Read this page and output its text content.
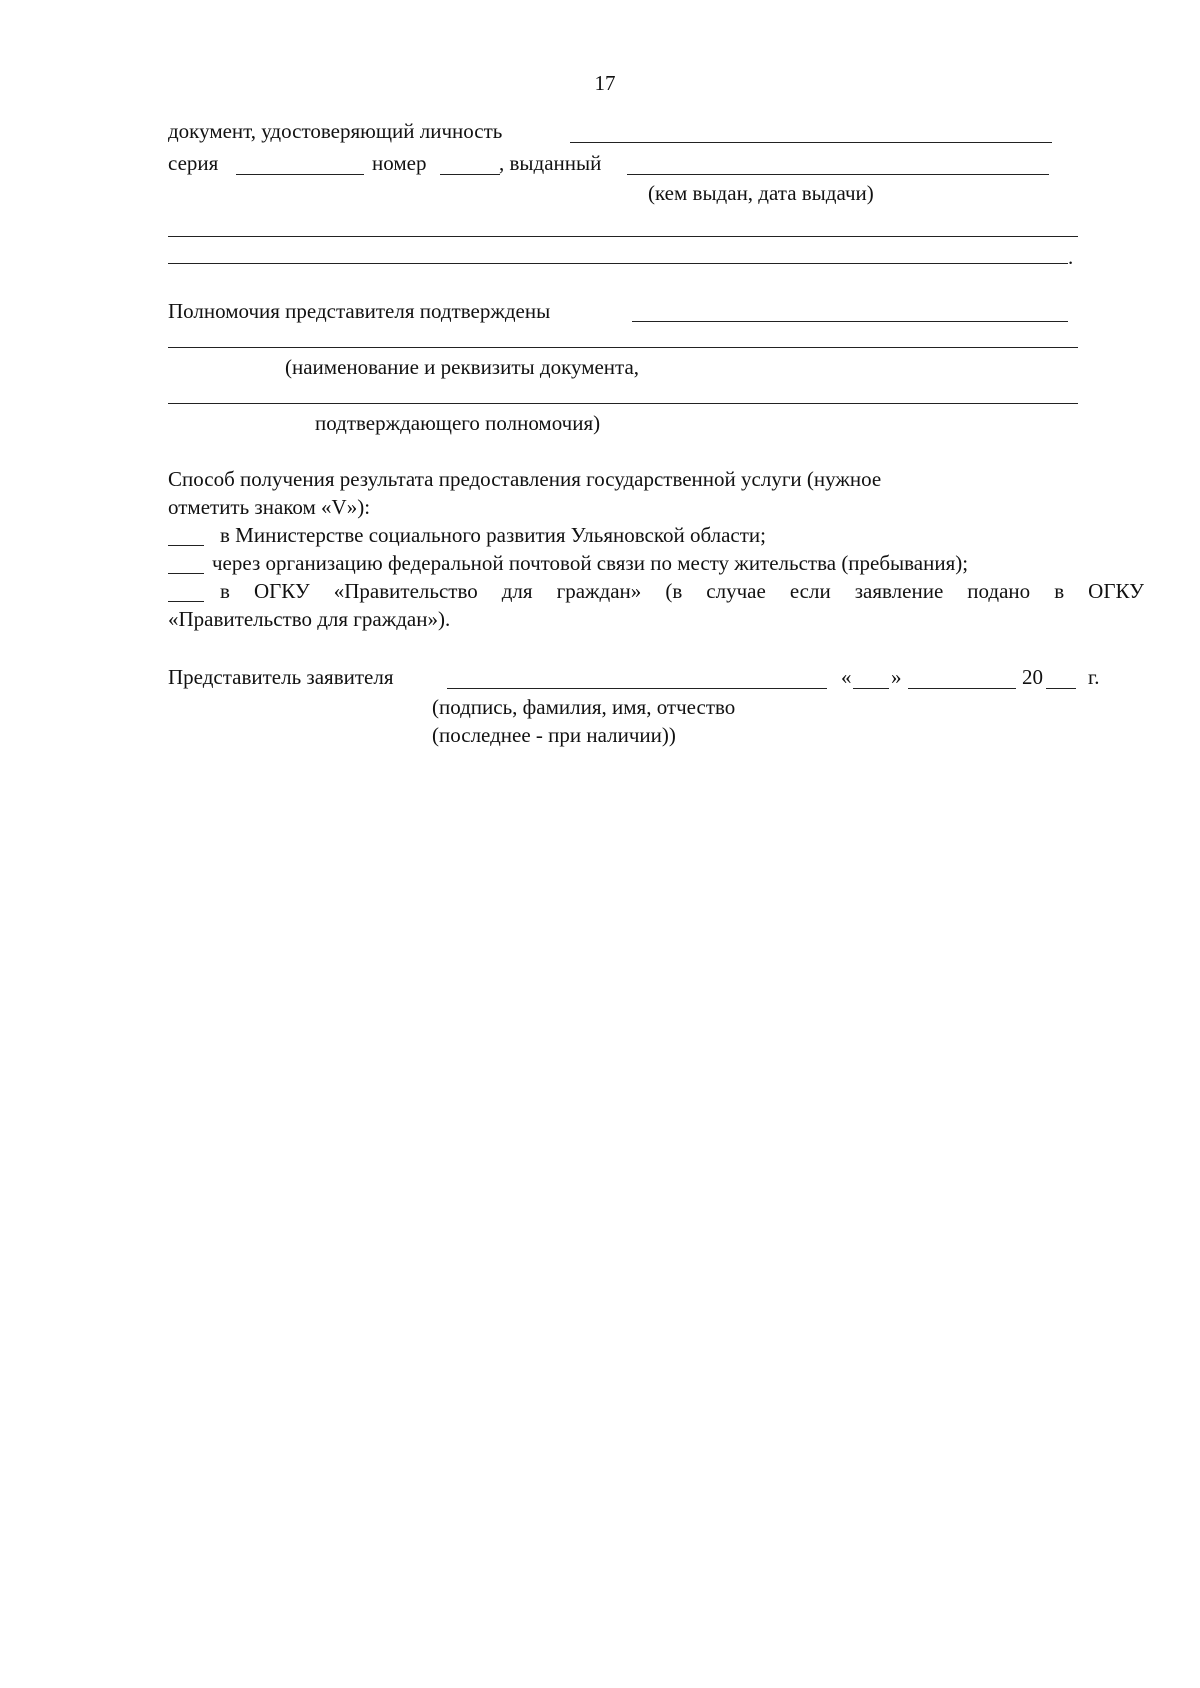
17
документ, удостоверяющий личность
серия	номер	, выданный
(кем выдан, дата выдачи)
.
Полномочия представителя подтверждены
(наименование и реквизиты документа,
подтверждающего полномочия)
Способ получения результата предоставления государственной услуги (нужное
отметить знаком «V»):
в Министерстве социального развития Ульяновской области;
через организацию федеральной почтовой связи по месту жительства (пребывания);
в ОГКУ «Правительство для граждан» (в случае если заявление подано в ОГКУ
«Правительство для граждан»).
Представитель заявителя	« »	20 г.
(подпись, фамилия, имя, отчество
(последнее - при наличии))
